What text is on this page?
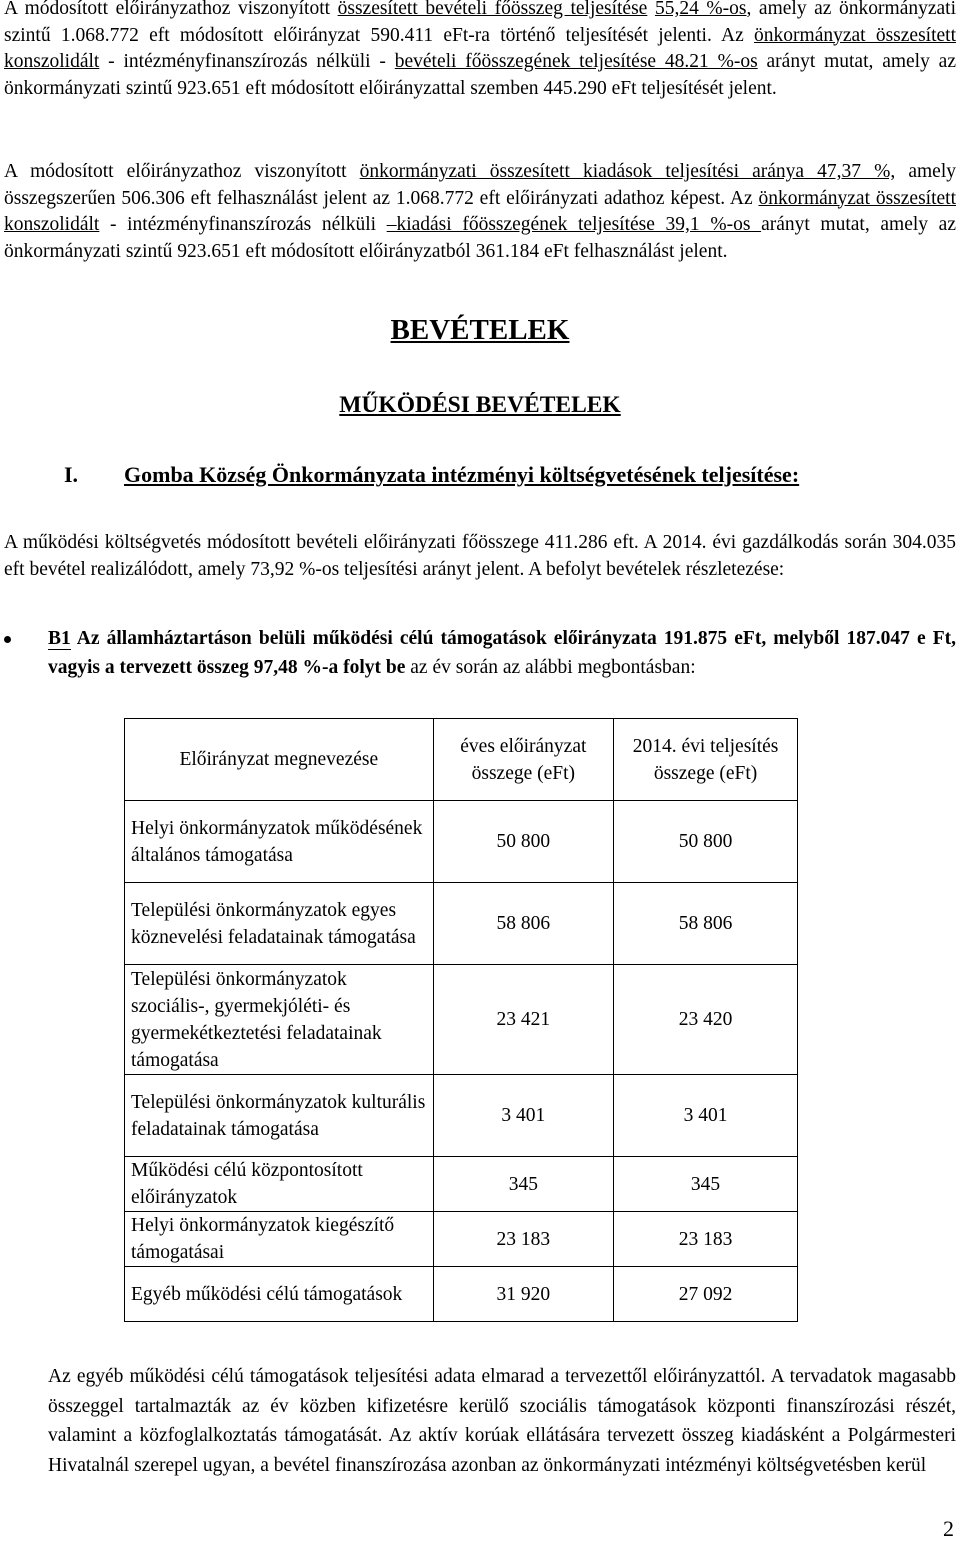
A módosított előirányzathoz viszonyított összesített bevételi főösszeg teljesítése 55,24 %-os, amely az önkormányzati szintű 1.068.772 eft módosított előirányzat 590.411 eFt-ra történő teljesítését jelenti. Az önkormányzat összesített konszolidált - intézményfinanszírozás nélküli - bevételi főösszegének teljesítése 48.21 %-os arányt mutat, amely az önkormányzati szintű 923.651 eft módosított előirányzattal szemben 445.290 eFt teljesítését jelent.

A módosított előirányzathoz viszonyított önkormányzati összesített kiadások teljesítési aránya 47,37 %, amely összegszerűen 506.306 eft felhasználást jelent az 1.068.772 eft előirányzati adathoz képest. Az önkormányzat összesített konszolidált - intézményfinanszírozás nélküli –kiadási főösszegének teljesítése 39,1 %-os arányt mutat, amely az önkormányzati szintű 923.651 eft módosított előirányzatból 361.184 eFt felhasználást jelent.

BEVÉTELEK
MŰKÖDÉSI BEVÉTELEK

I. Gomba Község Önkormányzata intézményi költségvetésének teljesítése:

A működési költségvetés módosított bevételi előirányzati főösszege 411.286 eft. A 2014. évi gazdálkodás során 304.035 eft bevétel realizálódott, amely 73,92 %-os teljesítési arányt jelent. A befolyt bevételek részletezése:

B1 Az államháztartáson belüli működési célú támogatások előirányzata 191.875 eFt, melyből 187.047 e Ft, vagyis a tervezett összeg 97,48 %-a folyt be az év során az alábbi megbontásban:

Előirányzat megnevezése	éves előirányzat összege (eFt)	2014. évi teljesítés összege (eFt)
Helyi önkormányzatok működésének általános támogatása	50 800	50 800
Települési önkormányzatok egyes köznevelési feladatainak támogatása	58 806	58 806
Települési önkormányzatok szociális-, gyermekjóléti- és gyermekétkeztetési feladatainak támogatása	23 421	23 420
Települési önkormányzatok kulturális feladatainak támogatása	3 401	3 401
Működési célú központosított előirányzatok	345	345
Helyi önkormányzatok kiegészítő támogatásai	23 183	23 183
Egyéb működési célú támogatások	31 920	27 092

Az egyéb működési célú támogatások teljesítési adata elmarad a tervezettől előirányzattól. A tervadatok magasabb összeggel tartalmazták az év közben kifizetésre kerülő szociális támogatások központi finanszírozási részét, valamint a közfoglalkoztatás támogatását. Az aktív korúak ellátására tervezett összeg kiadásként a Polgármesteri Hivatalnál szerepel ugyan, a bevétel finanszírozása azonban az önkormányzati intézményi költségvetésben kerül

2
